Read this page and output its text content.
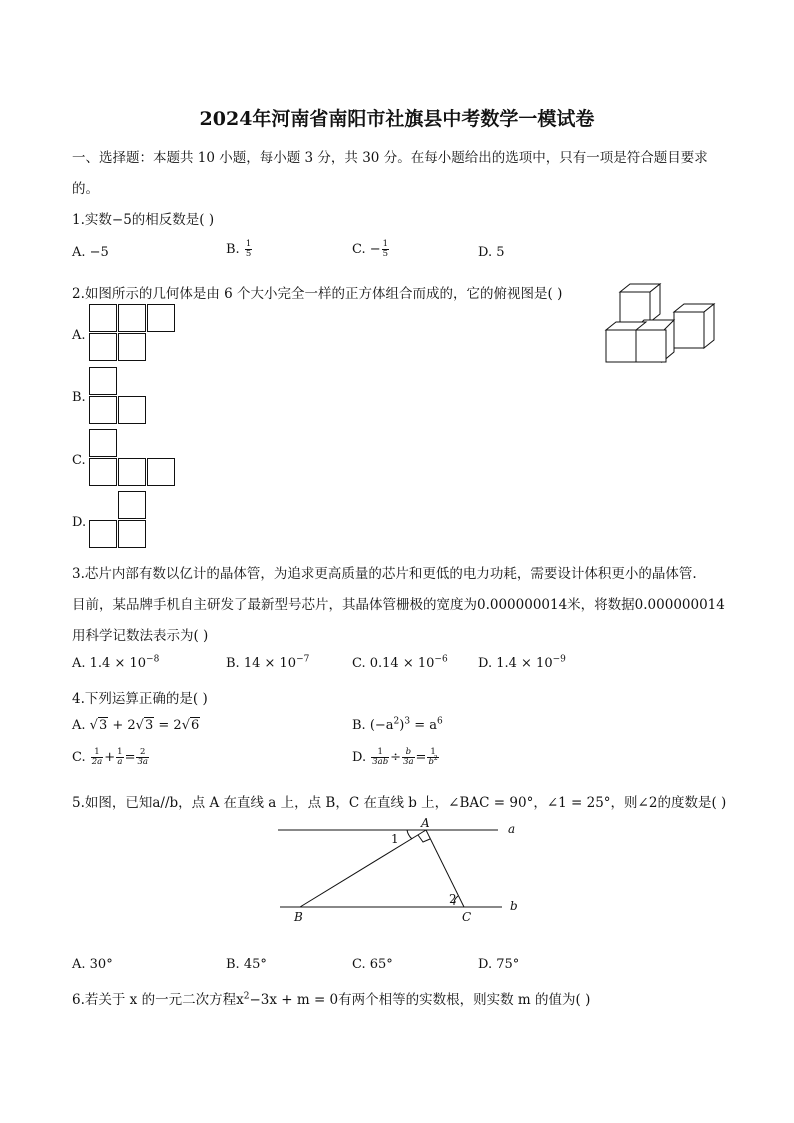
2024年河南省南阳市社旗县中考数学一模试卷
一、选择题：本题共 10 小题，每小题 3 分，共 30 分。在每小题给出的选项中，只有一项是符合题目要求
的。
1.实数−5的相反数是( )
A. −5	B. $\frac{1}{5}$	C. − $\frac{1}{5}$	D. 5
2.如图所示的几何体是由 6 个大小完全一样的正方体组合而成的，它的俯视图是( )
A.
B.
C.
D.
3.芯片内部有数以亿计的晶体管，为追求更高质量的芯片和更低的电力功耗，需要设计体积更小的晶体管.
目前，某品牌手机自主研发了最新型号芯片，其晶体管栅极的宽度为0.000000014米，将数据0.000000014
用科学记数法表示为( )
A. $1.4 \times 10^{-8}$	B. $14 \times 10^{-7}$	C. $0.14 \times 10^{-6}$ D. $1.4 \times 10^{-9}$
4.下列运算正确的是( )
A. √3 + 2√3 = 2√6	B. $(-a^2)^3 = a^6$
C. $\frac{1}{2a} + \frac{1}{a} = \frac{2}{3a}$	D. $\frac{1}{3ab} \div \frac{b}{3a} = \frac{1}{b^2}$
5.如图，已知a//b，点 A 在直线 a 上，点 B，C 在直线 b 上，∠BAC = 90°，∠1 = 25°，则∠2的度数是( )
A
B	C
a
b
1
2
A. 30°	B. 45°	C. 65°	D. 75°
6.若关于 x 的一元二次方程$x^2-3x + m = 0$有两个相等的实数根，则实数 m 的值为( )
